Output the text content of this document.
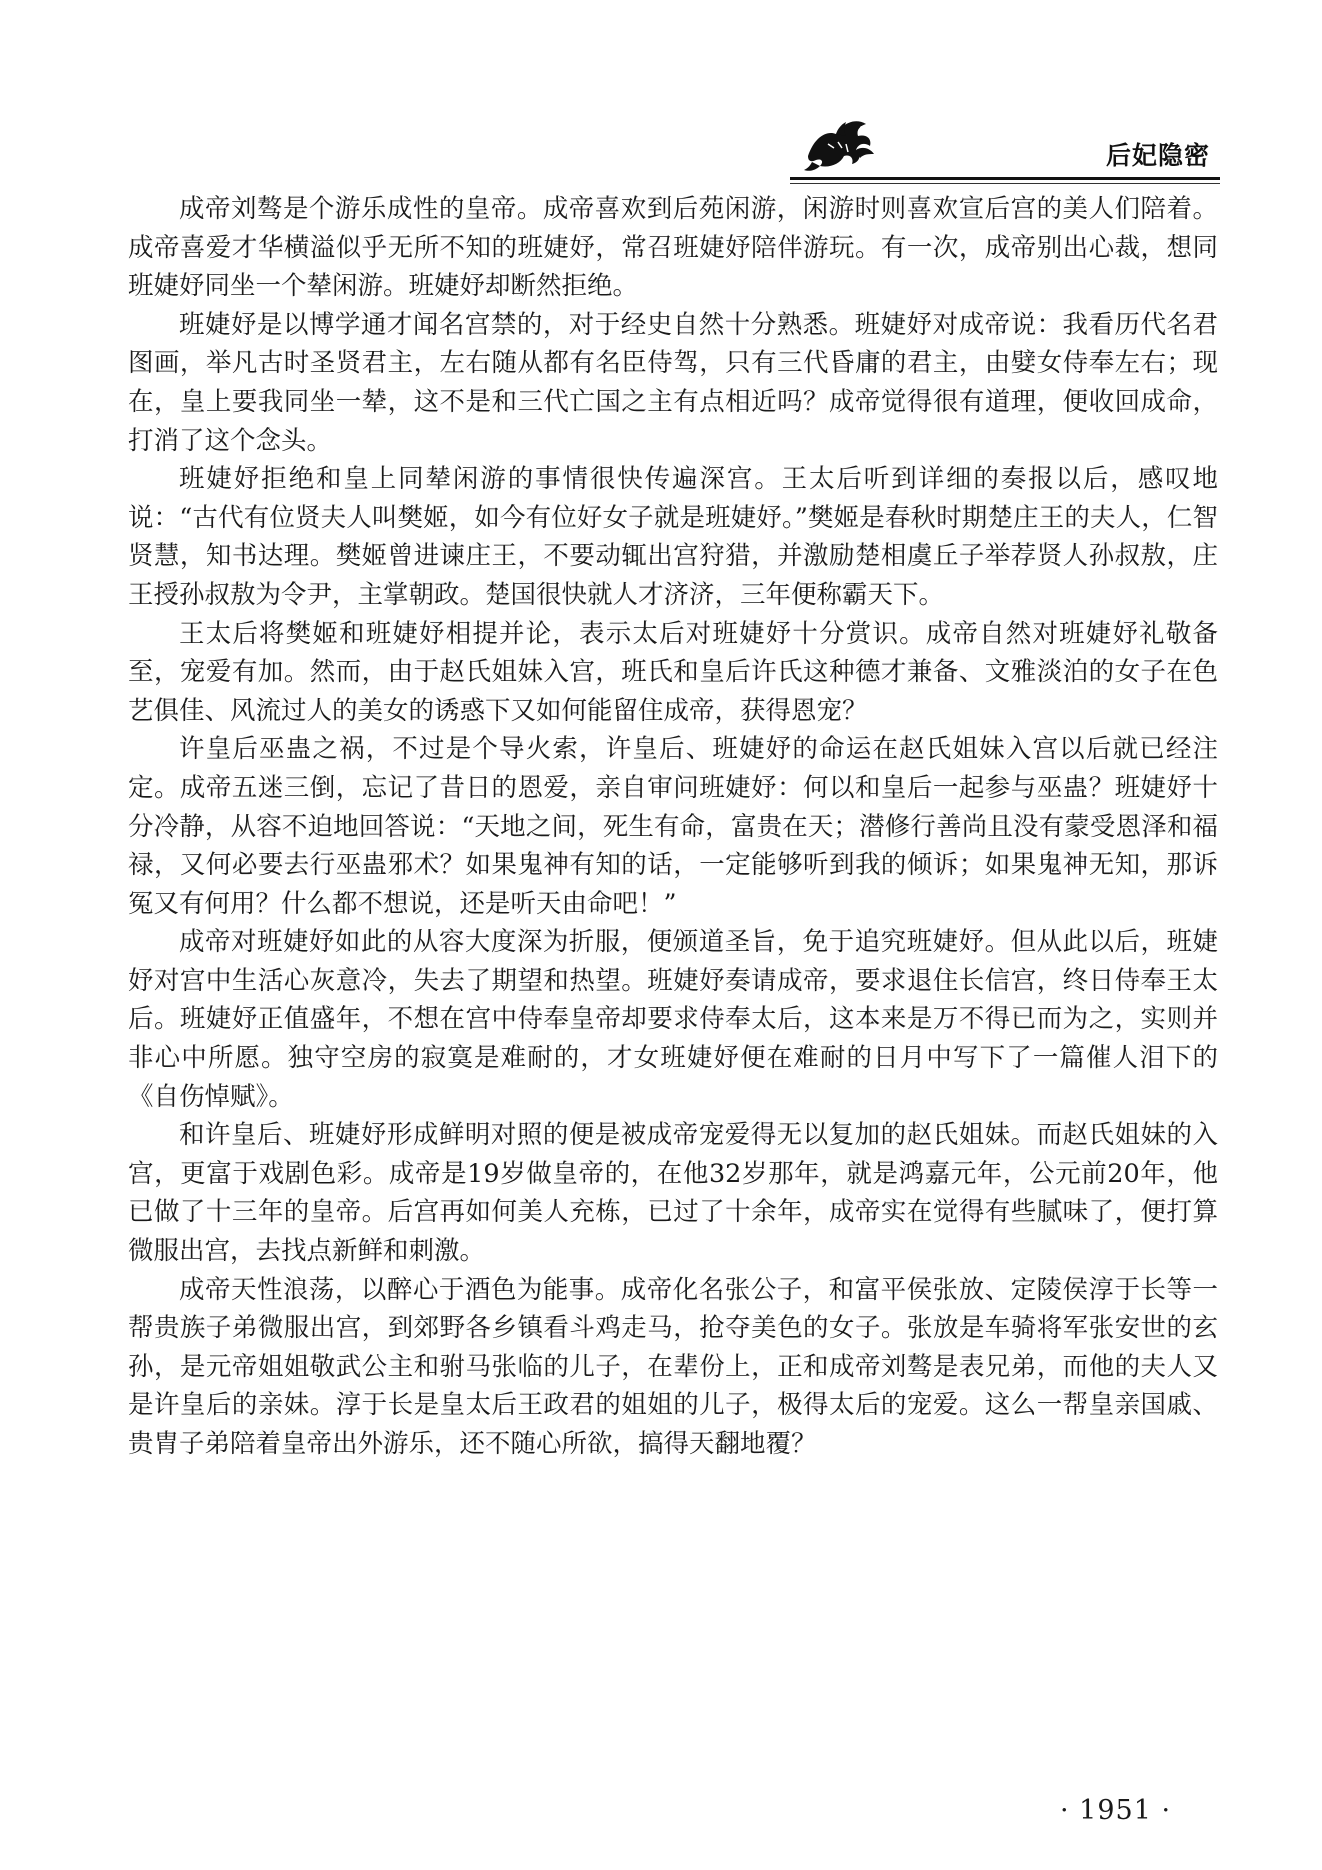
后妃隐密

成帝刘骜是个游乐成性的皇帝。成帝喜欢到后苑闲游，闲游时则喜欢宣后宫的美人们陪着。成帝喜爱才华横溢似乎无所不知的班婕妤，常召班婕妤陪伴游玩。有一次，成帝别出心裁，想同班婕妤同坐一个辇闲游。班婕妤却断然拒绝。

班婕妤是以博学通才闻名宫禁的，对于经史自然十分熟悉。班婕妤对成帝说：我看历代名君图画，举凡古时圣贤君主，左右随从都有名臣侍驾，只有三代昏庸的君主，由嬖女侍奉左右；现在，皇上要我同坐一辇，这不是和三代亡国之主有点相近吗？成帝觉得很有道理，便收回成命，打消了这个念头。

班婕妤拒绝和皇上同辇闲游的事情很快传遍深宫。王太后听到详细的奏报以后，感叹地说：“古代有位贤夫人叫樊姬，如今有位好女子就是班婕妤。”樊姬是春秋时期楚庄王的夫人，仁智贤慧，知书达理。樊姬曾进谏庄王，不要动辄出宫狩猎，并激励楚相虞丘子举荐贤人孙叔敖，庄王授孙叔敖为令尹，主掌朝政。楚国很快就人才济济，三年便称霸天下。

王太后将樊姬和班婕妤相提并论，表示太后对班婕妤十分赏识。成帝自然对班婕妤礼敬备至，宠爱有加。然而，由于赵氏姐妹入宫，班氏和皇后许氏这种德才兼备、文雅淡泊的女子在色艺俱佳、风流过人的美女的诱惑下又如何能留住成帝，获得恩宠？

许皇后巫蛊之祸，不过是个导火索，许皇后、班婕妤的命运在赵氏姐妹入宫以后就已经注定。成帝五迷三倒，忘记了昔日的恩爱，亲自审问班婕妤：何以和皇后一起参与巫蛊？班婕妤十分冷静，从容不迫地回答说：“天地之间，死生有命，富贵在天；潜修行善尚且没有蒙受恩泽和福禄，又何必要去行巫蛊邪术？如果鬼神有知的话，一定能够听到我的倾诉；如果鬼神无知，那诉冤又有何用？什么都不想说，还是听天由命吧！”

成帝对班婕妤如此的从容大度深为折服，便颁道圣旨，免于追究班婕妤。但从此以后，班婕妤对宫中生活心灰意冷，失去了期望和热望。班婕妤奏请成帝，要求退住长信宫，终日侍奉王太后。班婕妤正值盛年，不想在宫中侍奉皇帝却要求侍奉太后，这本来是万不得已而为之，实则并非心中所愿。独守空房的寂寞是难耐的，才女班婕妤便在难耐的日月中写下了一篇催人泪下的《自伤悼赋》。

和许皇后、班婕妤形成鲜明对照的便是被成帝宠爱得无以复加的赵氏姐妹。而赵氏姐妹的入宫，更富于戏剧色彩。成帝是19岁做皇帝的，在他32岁那年，就是鸿嘉元年，公元前20年，他已做了十三年的皇帝。后宫再如何美人充栋，已过了十余年，成帝实在觉得有些腻味了，便打算微服出宫，去找点新鲜和刺激。

成帝天性浪荡，以醉心于酒色为能事。成帝化名张公子，和富平侯张放、定陵侯淳于长等一帮贵族子弟微服出宫，到郊野各乡镇看斗鸡走马，抢夺美色的女子。张放是车骑将军张安世的玄孙，是元帝姐姐敬武公主和驸马张临的儿子，在辈份上，正和成帝刘骜是表兄弟，而他的夫人又是许皇后的亲妹。淳于长是皇太后王政君的姐姐的儿子，极得太后的宠爱。这么一帮皇亲国戚、贵胄子弟陪着皇帝出外游乐，还不随心所欲，搞得天翻地覆？

· 1951 ·
